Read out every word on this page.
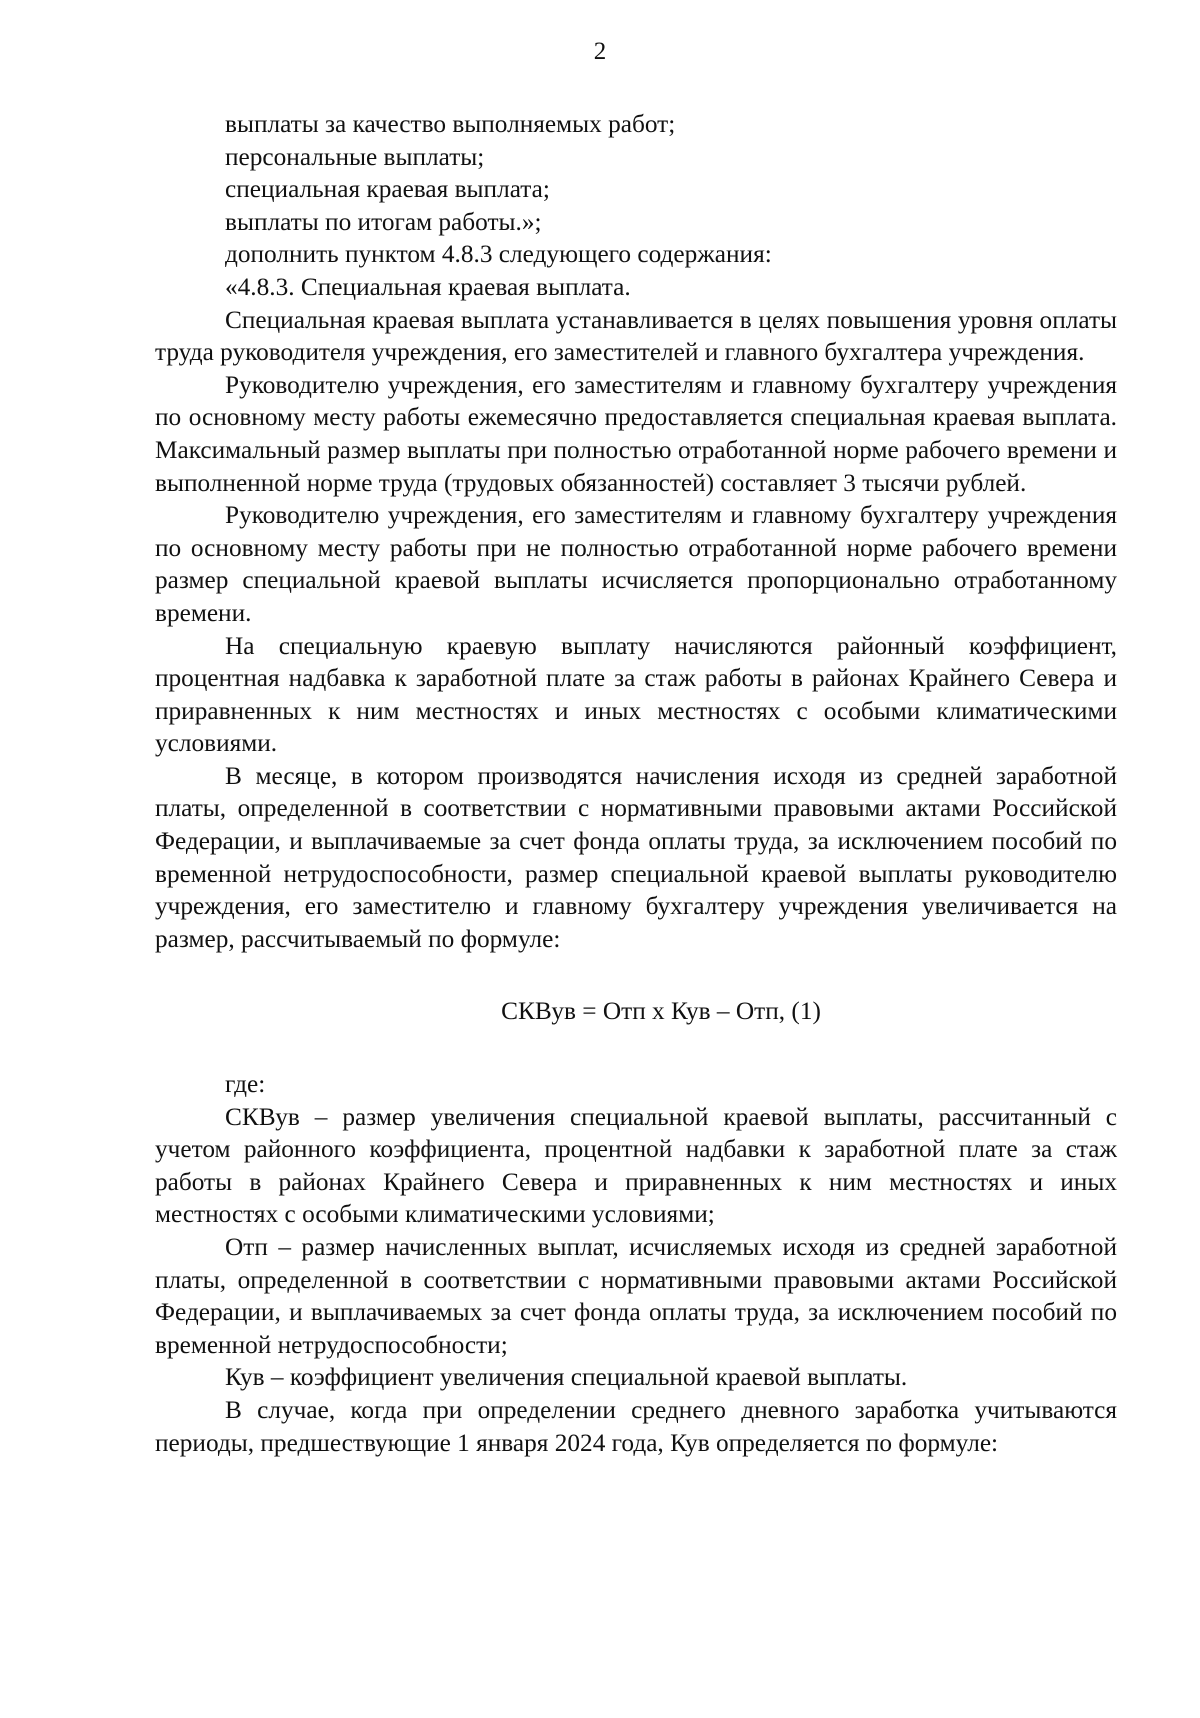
2

выплаты за качество выполняемых работ;

персональные выплаты;

специальная краевая выплата;

выплаты по итогам работы.»;

дополнить пунктом 4.8.3 следующего содержания:

«4.8.3. Специальная краевая выплата.

Специальная краевая выплата устанавливается в целях повышения уровня оплаты труда руководителя учреждения, его заместителей и главного бухгалтера учреждения.

Руководителю учреждения, его заместителям и главному бухгалтеру учреждения по основному месту работы ежемесячно предоставляется специальная краевая выплата. Максимальный размер выплаты при полностью отработанной норме рабочего времени и выполненной норме труда (трудовых обязанностей) составляет 3 тысячи рублей.

Руководителю учреждения, его заместителям и главному бухгалтеру учреждения по основному месту работы при не полностью отработанной норме рабочего времени размер специальной краевой выплаты исчисляется пропорционально отработанному времени.

На специальную краевую выплату начисляются районный коэффициент, процентная надбавка к заработной плате за стаж работы в районах Крайнего Севера и приравненных к ним местностях и иных местностях с особыми климатическими условиями.

В месяце, в котором производятся начисления исходя из средней заработной платы, определенной в соответствии с нормативными правовыми актами Российской Федерации, и выплачиваемые за счет фонда оплаты труда, за исключением пособий по временной нетрудоспособности, размер специальной краевой выплаты руководителю учреждения, его заместителю и главному бухгалтеру учреждения увеличивается на размер, рассчитываемый по формуле:

СКВув = Отп х Кув – Отп, (1)

где:

СКВув – размер увеличения специальной краевой выплаты, рассчитанный с учетом районного коэффициента, процентной надбавки к заработной плате за стаж работы в районах Крайнего Севера и приравненных к ним местностях и иных местностях с особыми климатическими условиями;

Отп – размер начисленных выплат, исчисляемых исходя из средней заработной платы, определенной в соответствии с нормативными правовыми актами Российской Федерации, и выплачиваемых за счет фонда оплаты труда, за исключением пособий по временной нетрудоспособности;

Кув – коэффициент увеличения специальной краевой выплаты.

В случае, когда при определении среднего дневного заработка учитываются периоды, предшествующие 1 января 2024 года, Кув определяется по формуле:
